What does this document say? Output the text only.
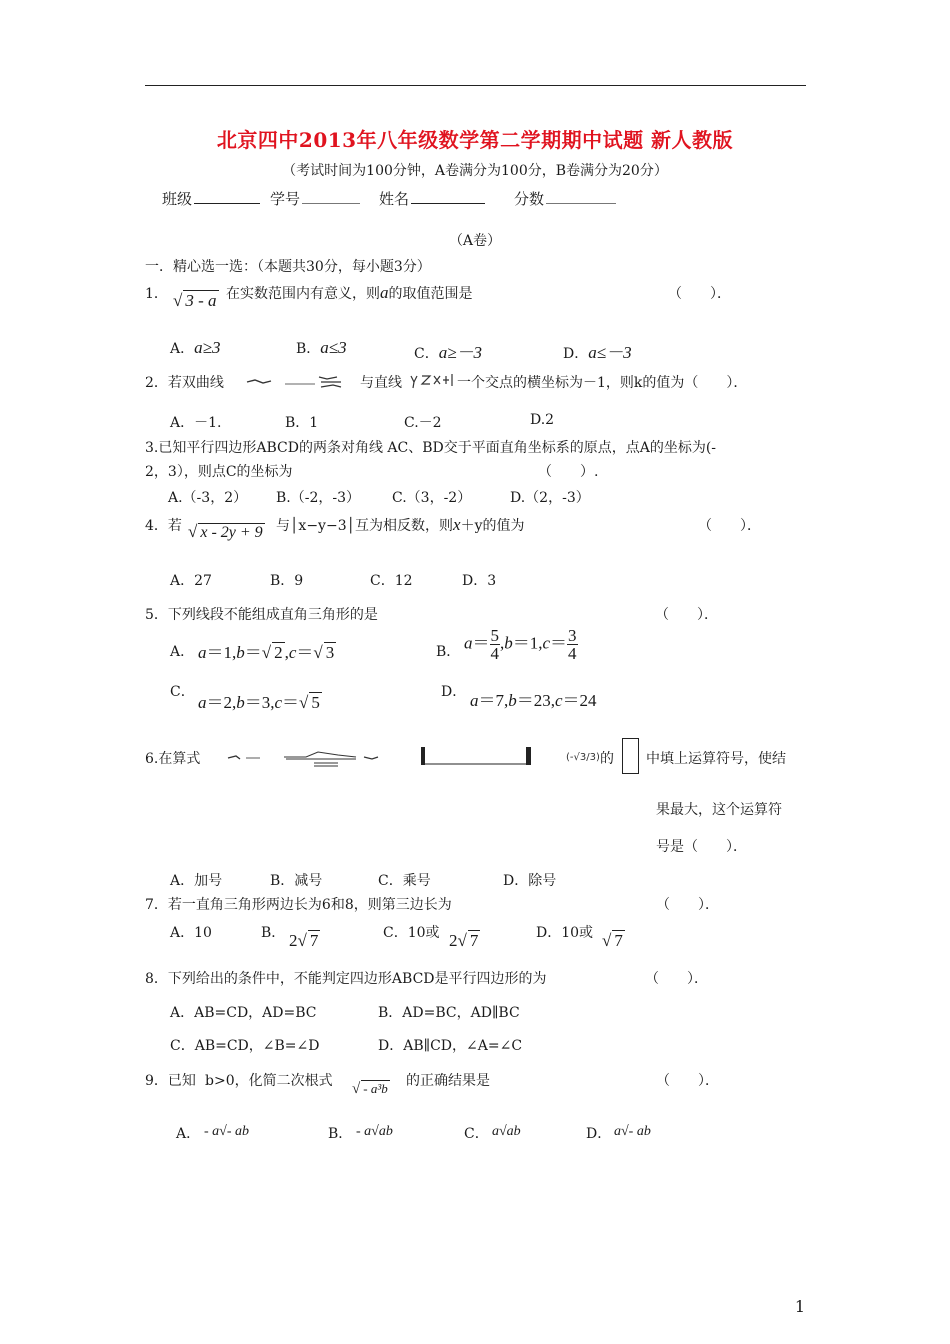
北京四中2013年八年级数学第二学期期中试题 新人教版
（考试时间为100分钟，A卷满分为100分，B卷满分为20分）
班级	学号	姓名	分数
（A卷）
一．精心选一选：（本题共30分，每小题3分）
1． √ 3 - a 在实数范围内有意义，则a的取值范围是	（　　）．
A．a≥3	B．a≤3	C．a≥－3	D．a≤－3
2．若双曲线	与直线	一个交点的横坐标为－1，则k的值为（　　）．
A．－1.	B．1	C.－2	D.2
3.已知平行四边形ABCD的两条对角线 AC、BD交于平面直角坐标系的原点，点A的坐标为(-
2，3），则点C的坐标为	（　　）.
A.（-3，2） B.（-2，-3） C.（3，-2）	D.（2，-3）
4．若 √ x - 2y + 9 与│x−y−3│互为相反数，则x＋y的值为	（　　）．
A．27	B．9	C．12	D．3
5．下列线段不能组成直角三角形的是	（　　）．
A． a＝1,b＝√ 2 ,c＝√ 3	B． $a= \frac{5}{4} ,b=1,c= \frac{3}{4}$
C．
a＝2,b＝3,c＝√ 5
D． a＝7,b＝23,c＝24
6.在算式	(-√3/3) 的 中填上运算符号，使结
果最大，这个运算符
号是（　　）．
A．加号	B．减号	C．乘号	D．除号
7．若一直角三角形两边长为6和8，则第三边长为	（　　）．
A．10	B． 2√ 7	C．10或 2√ 7	D．10或 √ 7
8．下列给出的条件中，不能判定四边形ABCD是平行四边形的为	（　　）．
A．AB=CD，AD=BC	B．AD=BC，AD∥BC
C．AB=CD，∠B=∠D	D．AB∥CD，∠A=∠C
9．已知 b>0，化简二次根式 √ - a³b 的正确结果是	（　　）．
A． - a√- ab	B． - a√ab	C． a√ab	D． a√- ab
1
